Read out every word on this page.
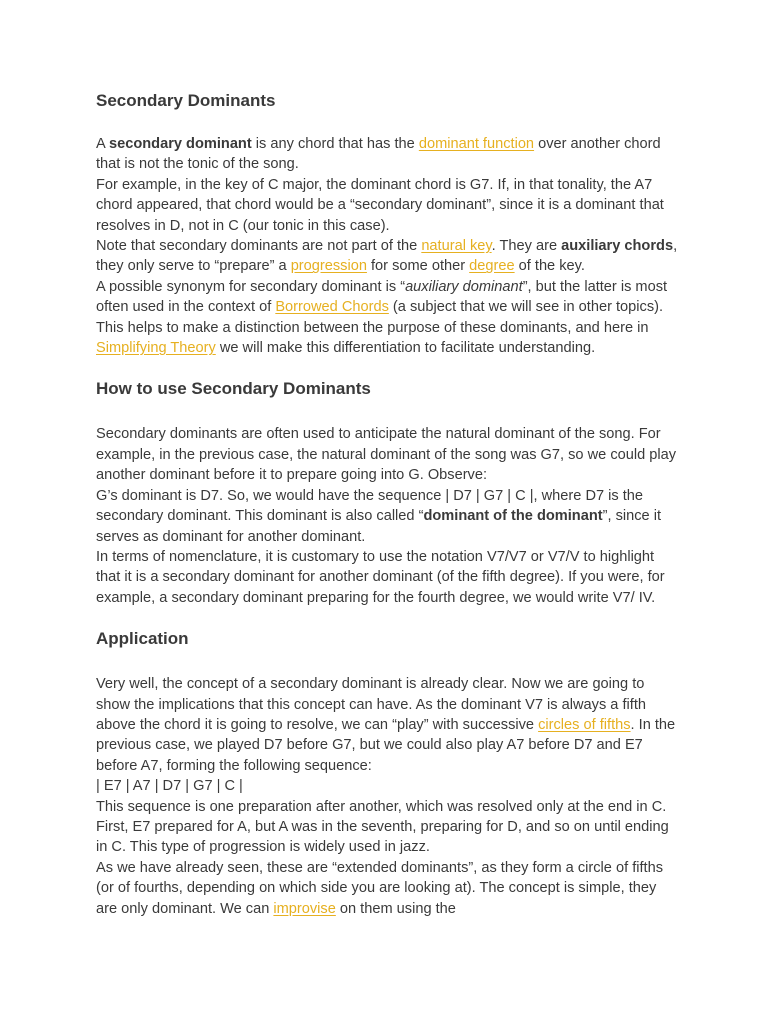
Secondary Dominants

A secondary dominant is any chord that has the dominant function over another chord that is not the tonic of the song.

For example, in the key of C major, the dominant chord is G7. If, in that tonality, the A7 chord appeared, that chord would be a “secondary dominant”, since it is a dominant that resolves in D, not in C (our tonic in this case).

Note that secondary dominants are not part of the natural key. They are auxiliary chords, they only serve to “prepare” a progression for some other degree of the key.

A possible synonym for secondary dominant is “auxiliary dominant”, but the latter is most often used in the context of Borrowed Chords (a subject that we will see in other topics). This helps to make a distinction between the purpose of these dominants, and here in Simplifying Theory we will make this differentiation to facilitate understanding.

How to use Secondary Dominants

Secondary dominants are often used to anticipate the natural dominant of the song. For example, in the previous case, the natural dominant of the song was G7, so we could play another dominant before it to prepare going into G. Observe:

G’s dominant is D7. So, we would have the sequence | D7 | G7 | C |, where D7 is the secondary dominant. This dominant is also called “dominant of the dominant”, since it serves as dominant for another dominant.

In terms of nomenclature, it is customary to use the notation V7/V7 or V7/V to highlight that it is a secondary dominant for another dominant (of the fifth degree). If you were, for example, a secondary dominant preparing for the fourth degree, we would write V7/ IV.

Application

Very well, the concept of a secondary dominant is already clear. Now we are going to show the implications that this concept can have. As the dominant V7 is always a fifth above the chord it is going to resolve, we can “play” with successive circles of fifths. In the previous case, we played D7 before G7, but we could also play A7 before D7 and E7 before A7, forming the following sequence:

| E7 | A7 | D7 | G7 | C |

This sequence is one preparation after another, which was resolved only at the end in C. First, E7 prepared for A, but A was in the seventh, preparing for D, and so on until ending in C. This type of progression is widely used in jazz.

As we have already seen, these are “extended dominants”, as they form a circle of fifths (or of fourths, depending on which side you are looking at). The concept is simple, they are only dominant. We can improvise on them using the
